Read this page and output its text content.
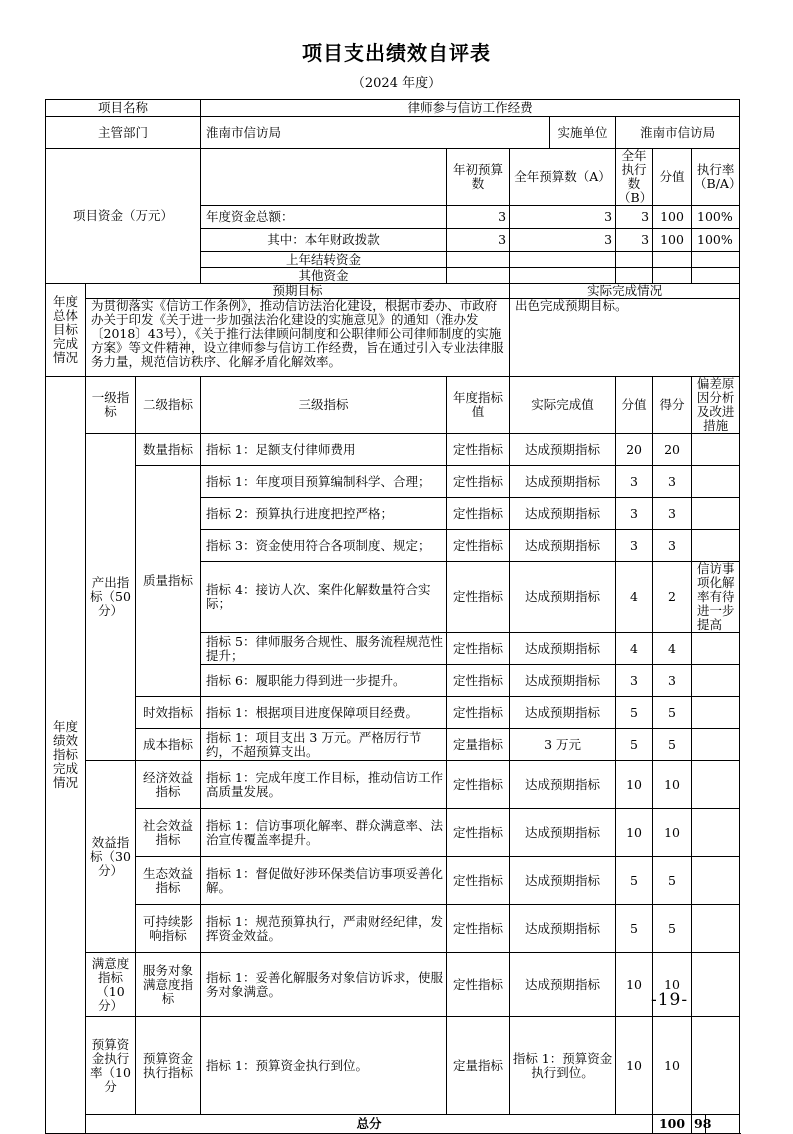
项目支出绩效自评表
（2024 年度）
项目名称			律师参与信访工作经费								
主管部门			淮南市信访局			实施单位	淮南市信访局				
项目资金（万元）				年初预算数	全年预算数（A）		全年执行数（B）	分值	执行率（B/A）	
			年度资金总额：	3	3		3	100	100%	
			其中：本年财政拨款	3	3		3	100	100%	
			上年结转资金								
			其他资金								
年度总体目标完成情况	预期目标				实际完成情况						
	为贯彻落实《信访工作条例》，推动信访法治化建设，根据市委办、市政府办关于印发《关于进一步加强法治化建设的实施意见》的通知（淮办发〔2018〕43号），《关于推行法律顾问制度和公职律师公司律师制度的实施方案》等文件精神，设立律师参与信访工作经费，旨在通过引入专业法律服务力量，规范信访秩序、化解矛盾化解效率。				出色完成预期目标。						
年度绩效指标完成情况	一级指标	二级指标	三级指标	年度指标值	实际完成值		分值	得分	偏差原因分析及改进措施		
	产出指标（50分）	数量指标	指标 1：足额支付律师费用	定性指标	达成预期指标		20	20			
		质量指标	指标 1：年度项目预算编制科学、合理；	定性指标	达成预期指标		3	3			
			指标 2：预算执行进度把控严格；	定性指标	达成预期指标		3	3			
			指标 3：资金使用符合各项制度、规定；	定性指标	达成预期指标		3	3			
			指标 4：接访人次、案件化解数量符合实际；	定性指标	达成预期指标		4	2	信访事项化解率有待进一步提高		
			指标 5：律师服务合规性、服务流程规范性提升；	定性指标	达成预期指标		4	4			
			指标 6：履职能力得到进一步提升。	定性指标	达成预期指标		3	3			
		时效指标	指标 1：根据项目进度保障项目经费。	定性指标	达成预期指标		5	5			
		成本指标	指标 1：项目支出 3 万元。严格厉行节约，不超预算支出。	定量指标	3 万元		5	5			
	效益指标（30分）	经济效益指标	指标 1：完成年度工作目标，推动信访工作高质量发展。	定性指标	达成预期指标		10	10			
		社会效益指标	指标 1：信访事项化解率、群众满意率、法治宣传覆盖率提升。	定性指标	达成预期指标		10	10			
		生态效益指标	指标 1：督促做好涉环保类信访事项妥善化解。	定性指标	达成预期指标		5	5			
		可持续影响指标	指标 1：规范预算执行，严肃财经纪律，发挥资金效益。	定性指标	达成预期指标		5	5			
	满意度指标（10分）	服务对象满意度指标	指标 1：妥善化解服务对象信访诉求，使服务对象满意。	定性指标	达成预期指标		10	10			
	预算资金执行率（10分	预算资金执行指标	指标 1：预算资金执行到位。	定量指标	指标 1：预算资金执行到位。		10	10			
	总分							100	98		
-19-
